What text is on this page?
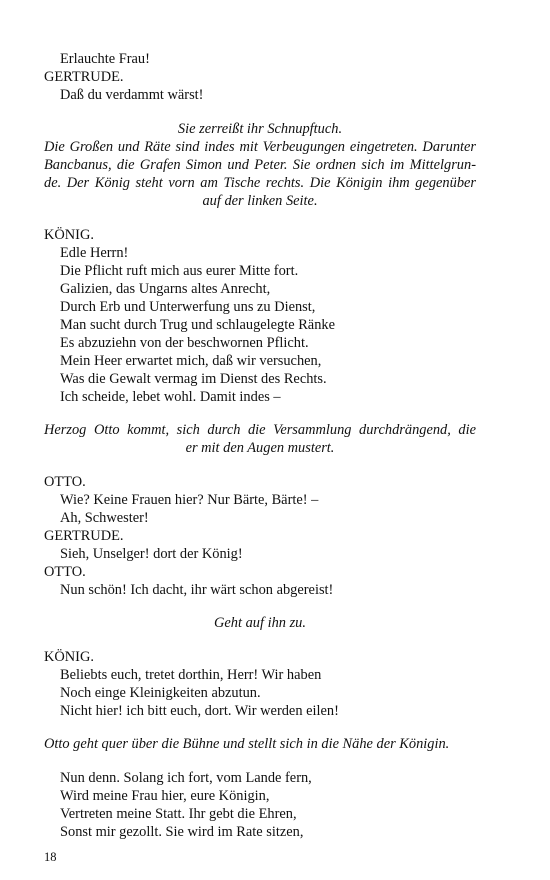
Erlauchte Frau!
GERTRUDE.
Daß du verdammt wärst!
Sie zerreißt ihr Schnupftuch.
Die Großen und Räte sind indes mit Verbeugungen eingetreten. Darunter
Bancbanus, die Grafen Simon und Peter. Sie ordnen sich im Mittelgrun-
de. Der König steht vorn am Tische rechts. Die Königin ihm gegenüber
auf der linken Seite.
KÖNIG.
Edle Herrn!
Die Pflicht ruft mich aus eurer Mitte fort.
Galizien, das Ungarns altes Anrecht,
Durch Erb und Unterwerfung uns zu Dienst,
Man sucht durch Trug und schlaugelegte Ränke
Es abzuziehn von der beschwornen Pflicht.
Mein Heer erwartet mich, daß wir versuchen,
Was die Gewalt vermag im Dienst des Rechts.
Ich scheide, lebet wohl. Damit indes –
Herzog Otto kommt, sich durch die Versammlung durchdrängend, die
er mit den Augen mustert.
OTTO.
Wie? Keine Frauen hier? Nur Bärte, Bärte! –
Ah, Schwester!
GERTRUDE.
Sieh, Unselger! dort der König!
OTTO.
Nun schön! Ich dacht, ihr wärt schon abgereist!
Geht auf ihn zu.
KÖNIG.
Beliebts euch, tretet dorthin, Herr! Wir haben
Noch einge Kleinigkeiten abzutun.
Nicht hier! ich bitt euch, dort. Wir werden eilen!
Otto geht quer über die Bühne und stellt sich in die Nähe der Königin.
Nun denn. Solang ich fort, vom Lande fern,
Wird meine Frau hier, eure Königin,
Vertreten meine Statt. Ihr gebt die Ehren,
Sonst mir gezollt. Sie wird im Rate sitzen,
18
